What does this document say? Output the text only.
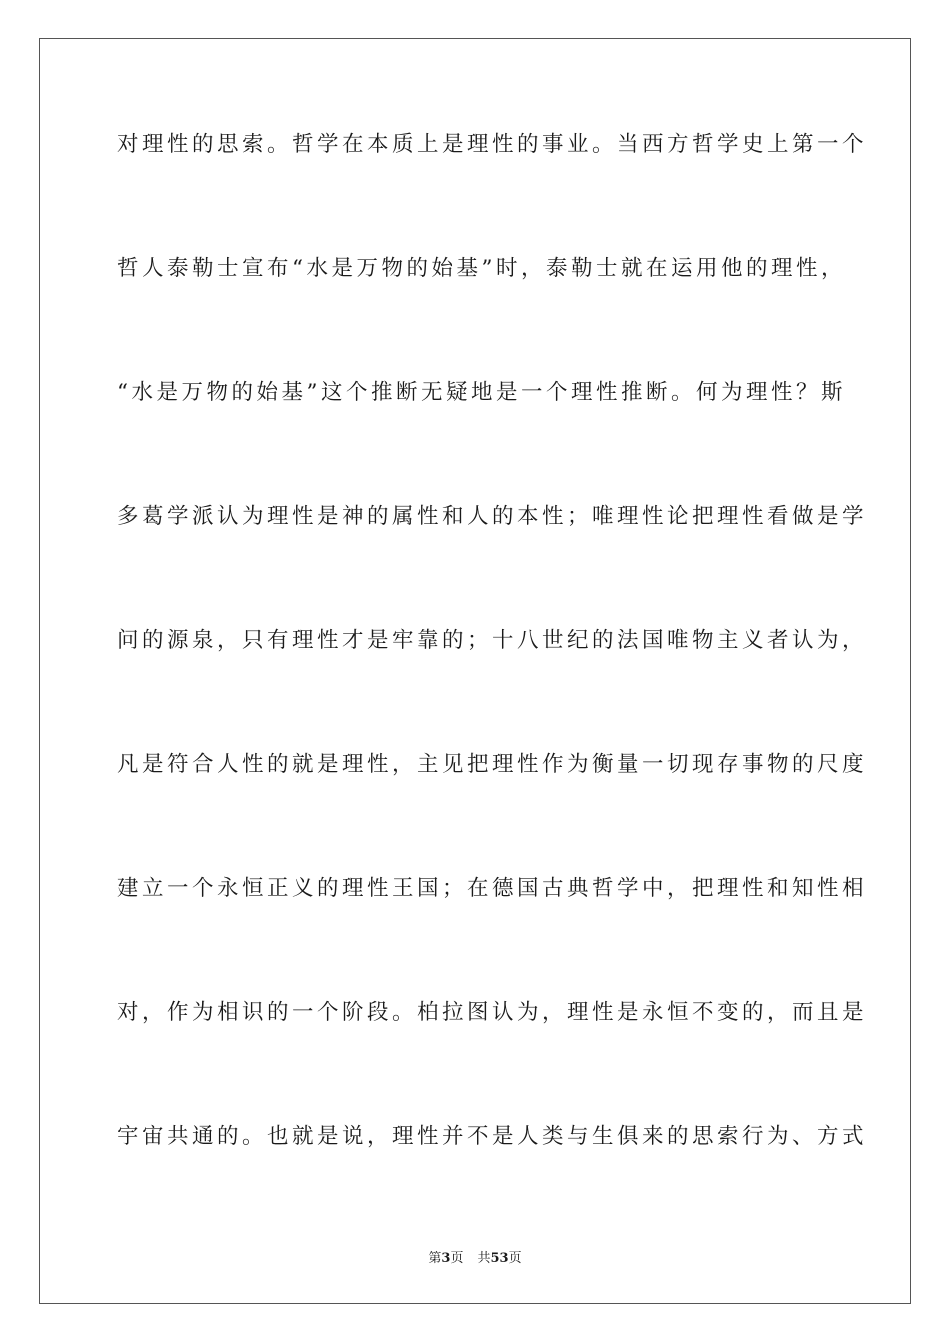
对理性的思索。哲学在本质上是理性的事业。当西方哲学史上第一个
哲人泰勒士宣布“水是万物的始基”时，泰勒士就在运用他的理性，
“水是万物的始基”这个推断无疑地是一个理性推断。何为理性？斯
多葛学派认为理性是神的属性和人的本性；唯理性论把理性看做是学
问的源泉，只有理性才是牢靠的；十八世纪的法国唯物主义者认为，
凡是符合人性的就是理性，主见把理性作为衡量一切现存事物的尺度
建立一个永恒正义的理性王国；在德国古典哲学中，把理性和知性相
对，作为相识的一个阶段。柏拉图认为，理性是永恒不变的，而且是
宇宙共通的。也就是说，理性并不是人类与生俱来的思索行为、方式
第3页 共53页
